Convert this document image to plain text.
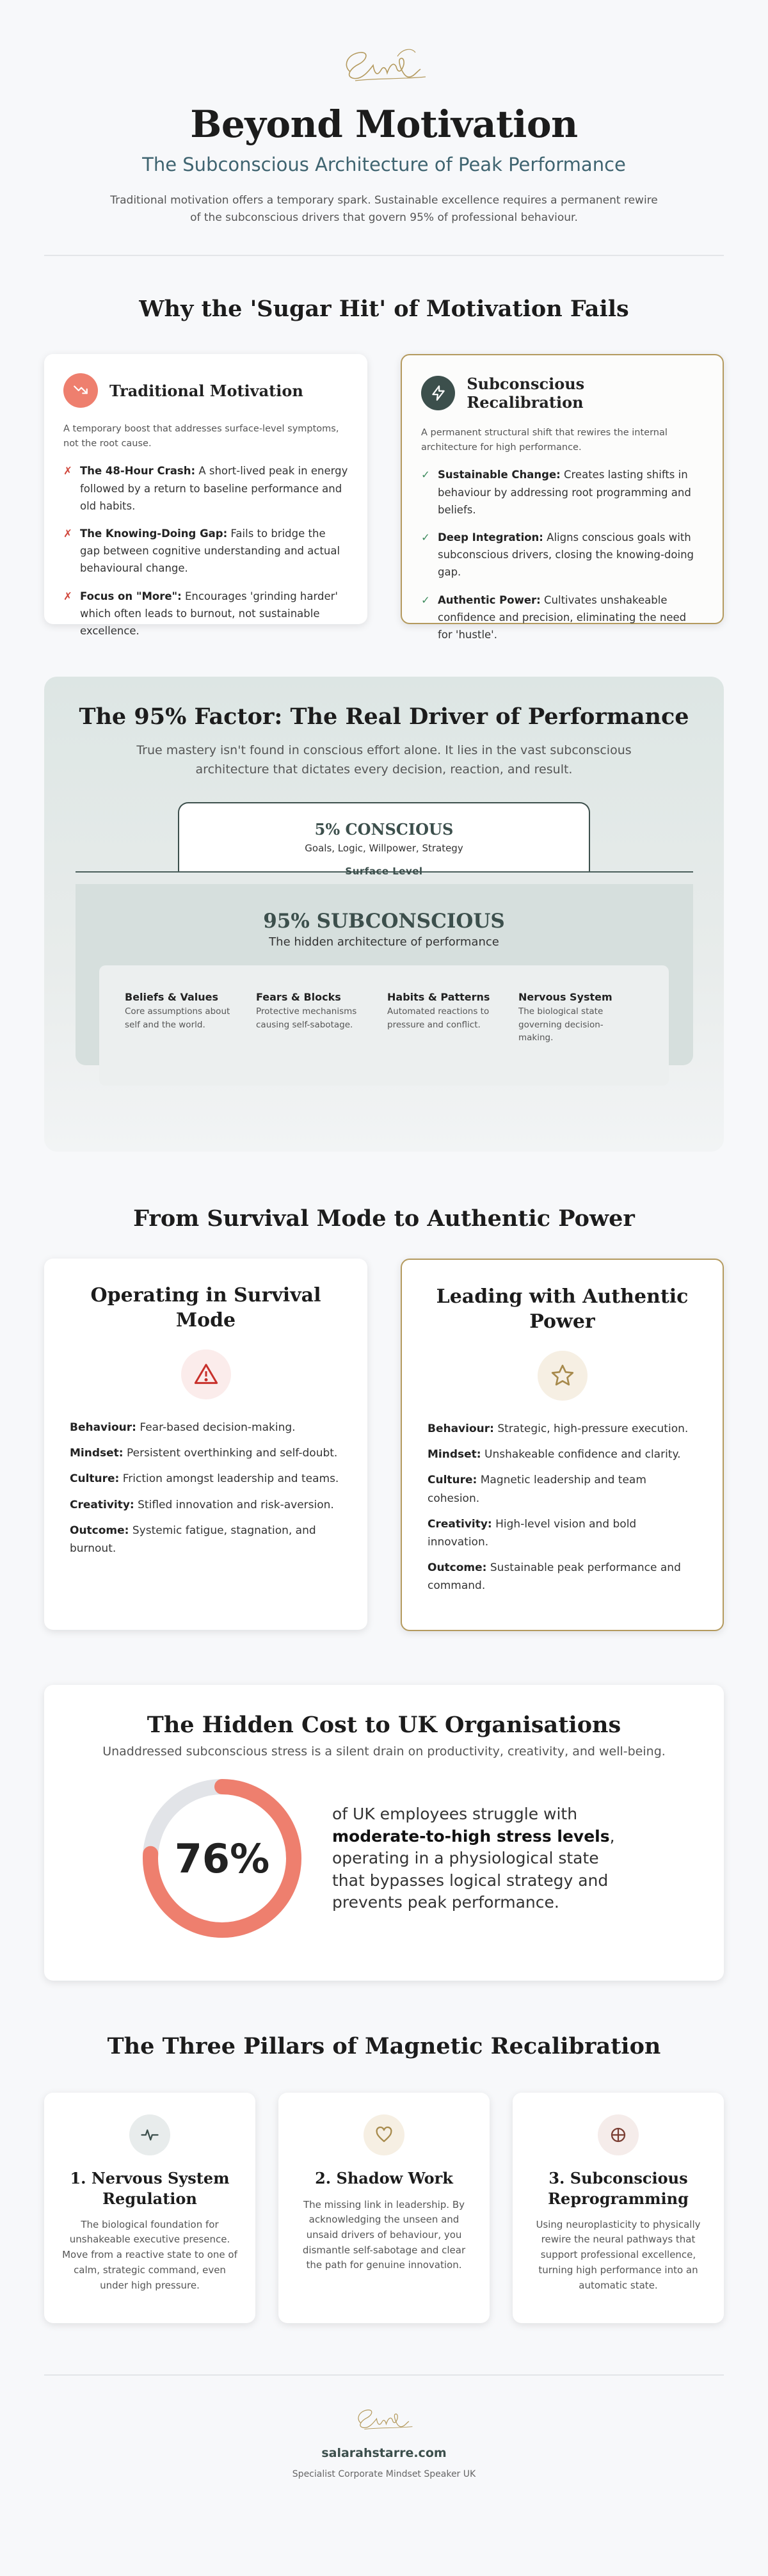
Beyond Motivation
The Subconscious Architecture of Peak Performance

Traditional motivation offers a temporary spark. Sustainable excellence requires a permanent rewire of the subconscious drivers that govern 95% of professional behaviour.

Why the 'Sugar Hit' of Motivation Fails
Traditional Motivation

A temporary boost that addresses surface-level symptoms, not the root cause.

✗ The 48-Hour Crash: A short-lived peak in energy followed by a return to baseline performance and old habits.
✗ The Knowing-Doing Gap: Fails to bridge the gap between cognitive understanding and actual behavioural change.
✗ Focus on "More": Encourages 'grinding harder' which often leads to burnout, not sustainable excellence.
Subconscious Recalibration

A permanent structural shift that rewires the internal architecture for high performance.

✓ Sustainable Change: Creates lasting shifts in behaviour by addressing root programming and beliefs.
✓ Deep Integration: Aligns conscious goals with subconscious drivers, closing the knowing-doing gap.
✓ Authentic Power: Cultivates unshakeable confidence and precision, eliminating the need for 'hustle'.
The 95% Factor: The Real Driver of Performance

True mastery isn't found in conscious effort alone. It lies in the vast subconscious architecture that dictates every decision, reaction, and result.

5% CONSCIOUS
Goals, Logic, Willpower, Strategy
Surface Level
95% SUBCONSCIOUS
The hidden architecture of performance
Beliefs & Values

Core assumptions about self and the world.

Fears & Blocks

Protective mechanisms causing self-sabotage.

Habits & Patterns

Automated reactions to pressure and conflict.

Nervous System

The biological state governing decision-making.

From Survival Mode to Authentic Power
Operating in Survival Mode
Behaviour: Fear-based decision-making.
Mindset: Persistent overthinking and self-doubt.
Culture: Friction amongst leadership and teams.
Creativity: Stifled innovation and risk-aversion.
Outcome: Systemic fatigue, stagnation, and burnout.
Leading with Authentic Power
Behaviour: Strategic, high-pressure execution.
Mindset: Unshakeable confidence and clarity.
Culture: Magnetic leadership and team cohesion.
Creativity: High-level vision and bold innovation.
Outcome: Sustainable peak performance and command.
The Hidden Cost to UK Organisations

Unaddressed subconscious stress is a silent drain on productivity, creativity, and well-being.

76%

of UK employees struggle with moderate-to-high stress levels, operating in a physiological state that bypasses logical strategy and prevents peak performance.

The Three Pillars of Magnetic Recalibration
1. Nervous System Regulation

The biological foundation for unshakeable executive presence. Move from a reactive state to one of calm, strategic command, even under high pressure.

2. Shadow Work

The missing link in leadership. By acknowledging the unseen and unsaid drivers of behaviour, you dismantle self-sabotage and clear the path for genuine innovation.

3. Subconscious Reprogramming

Using neuroplasticity to physically rewire the neural pathways that support professional excellence, turning high performance into an automatic state.

salarahstarre.com
Specialist Corporate Mindset Speaker UK
